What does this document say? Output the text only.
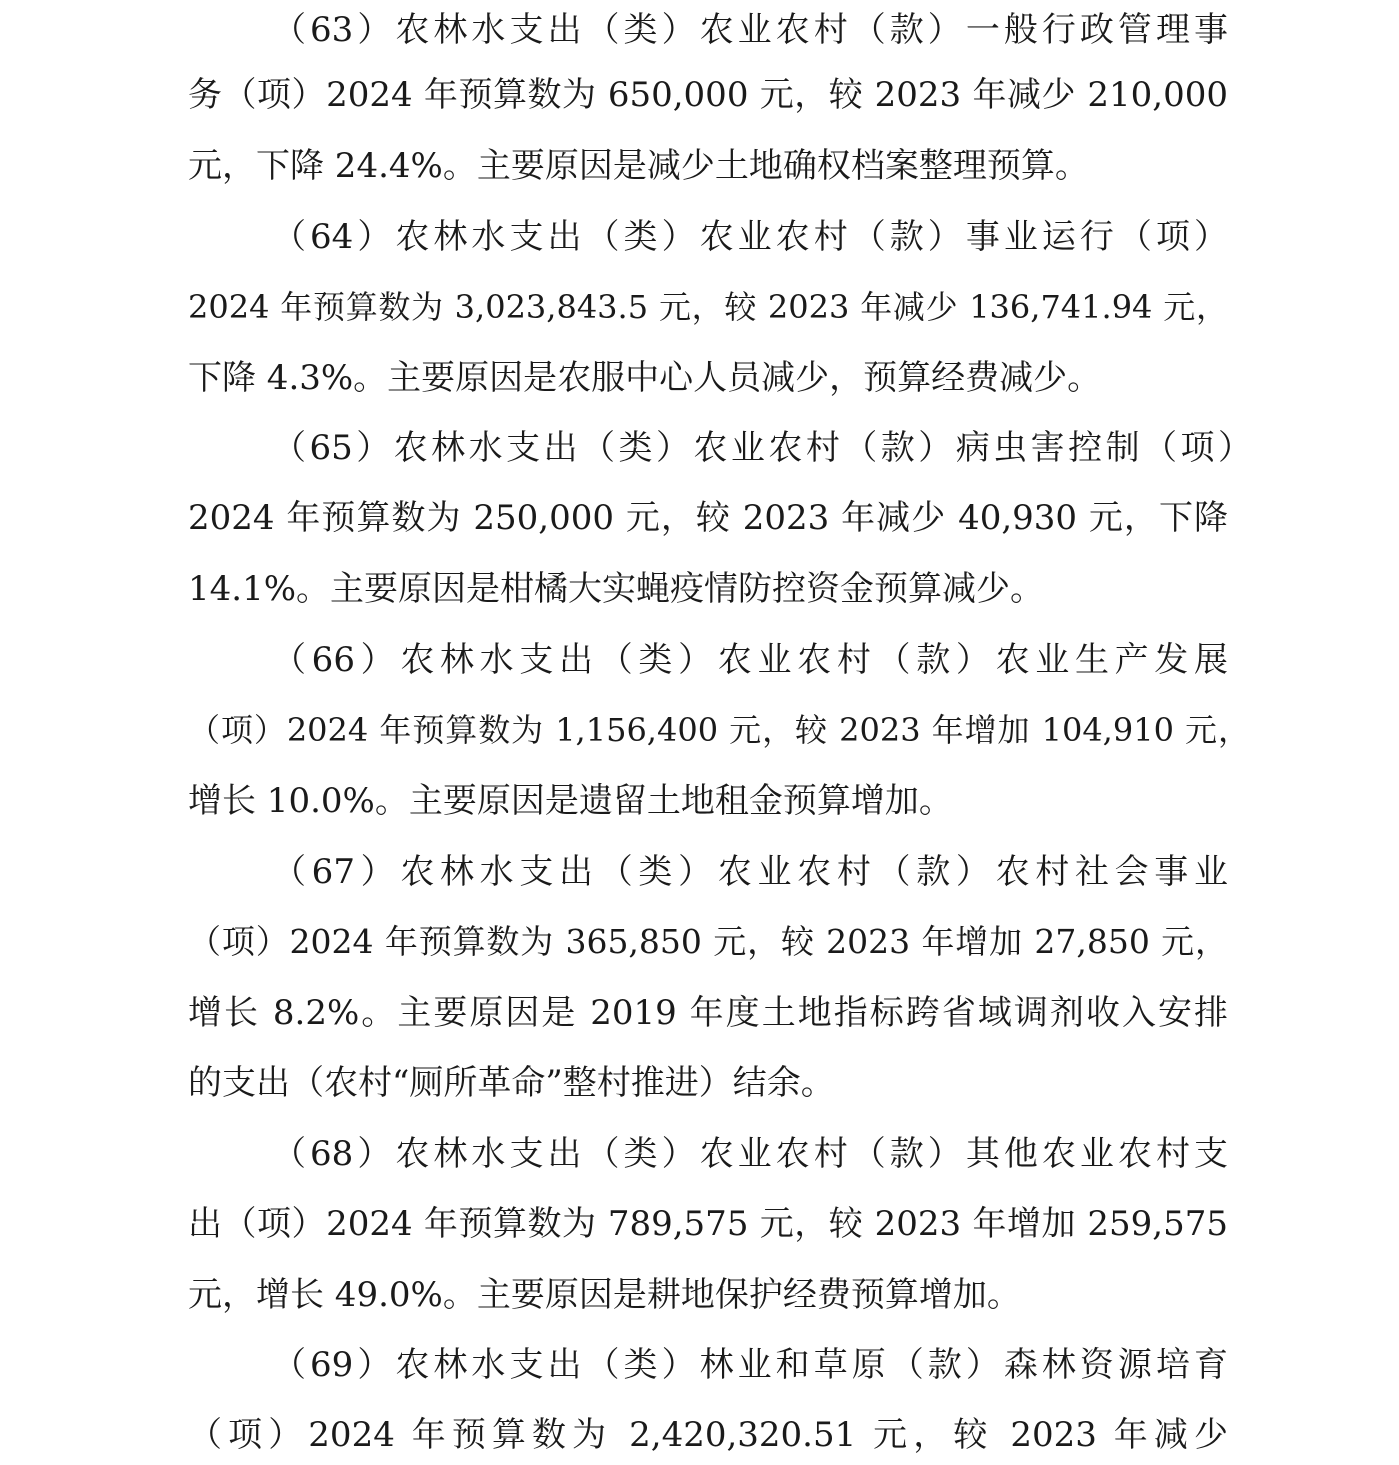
（63）农林水支出（类）农业农村（款）一般行政管理事
务（项）2024 年预算数为 650,000 元，较 2023 年减少 210,000
元，下降 24.4%。主要原因是减少土地确权档案整理预算。
（64）农林水支出（类）农业农村（款）事业运行（项）
2024 年预算数为 3,023,843.5 元，较 2023 年减少 136,741.94 元，
下降 4.3%。主要原因是农服中心人员减少，预算经费减少。
（65）农林水支出（类）农业农村（款）病虫害控制（项）
2024 年预算数为 250,000 元，较 2023 年减少 40,930 元，下降
14.1%。主要原因是柑橘大实蝇疫情防控资金预算减少。
（66）农林水支出（类）农业农村（款）农业生产发展
（项）2024 年预算数为 1,156,400 元，较 2023 年增加 104,910 元，
增长 10.0%。主要原因是遗留土地租金预算增加。
（67）农林水支出（类）农业农村（款）农村社会事业
（项）2024 年预算数为 365,850 元，较 2023 年增加 27,850 元，
增长 8.2%。主要原因是 2019 年度土地指标跨省域调剂收入安排
的支出（农村“厕所革命”整村推进）结余。
（68）农林水支出（类）农业农村（款）其他农业农村支
出（项）2024 年预算数为 789,575 元，较 2023 年增加 259,575
元，增长 49.0%。主要原因是耕地保护经费预算增加。
（69）农林水支出（类）林业和草原（款）森林资源培育
（项）2024 年预算数为 2,420,320.51 元，较 2023 年减少
